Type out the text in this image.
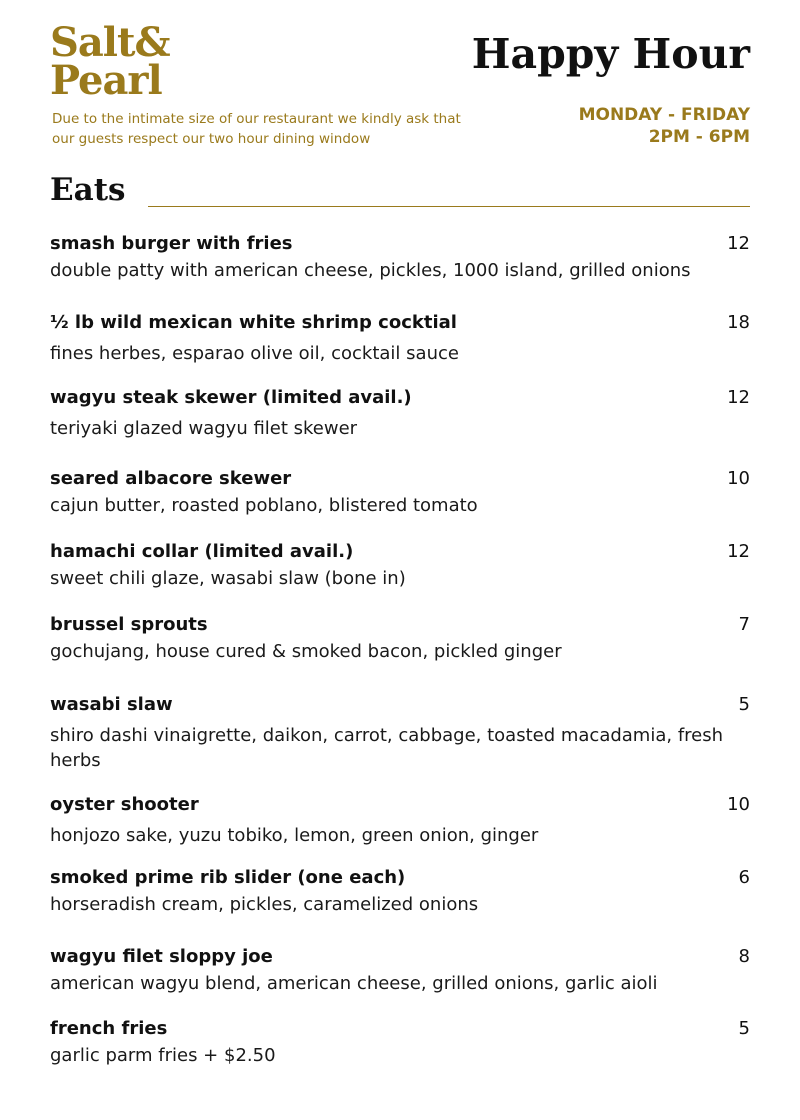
Salt&
Pearl
Due to the intimate size of our restaurant we kindly ask that our guests respect our two hour dining window
Happy Hour
MONDAY - FRIDAY
2PM - 6PM
Eats
smash burger with fries	12
double patty with american cheese, pickles, 1000 island, grilled onions
½ lb wild mexican white shrimp cocktial	18
fines herbes, esparao olive oil, cocktail sauce
wagyu steak skewer (limited avail.)	12
teriyaki glazed wagyu filet skewer
seared albacore skewer	10
cajun butter, roasted poblano, blistered tomato
hamachi collar (limited avail.)	12
sweet chili glaze, wasabi slaw (bone in)
brussel sprouts	7
gochujang, house cured & smoked bacon, pickled ginger
wasabi slaw	5
shiro dashi vinaigrette, daikon, carrot, cabbage, toasted macadamia, fresh herbs
oyster shooter	10
honjozo sake, yuzu tobiko, lemon, green onion, ginger
smoked prime rib slider (one each)	6
horseradish cream, pickles, caramelized onions
wagyu filet sloppy joe	8
american wagyu blend, american cheese, grilled onions, garlic aioli
french fries	5
garlic parm fries + $2.50
